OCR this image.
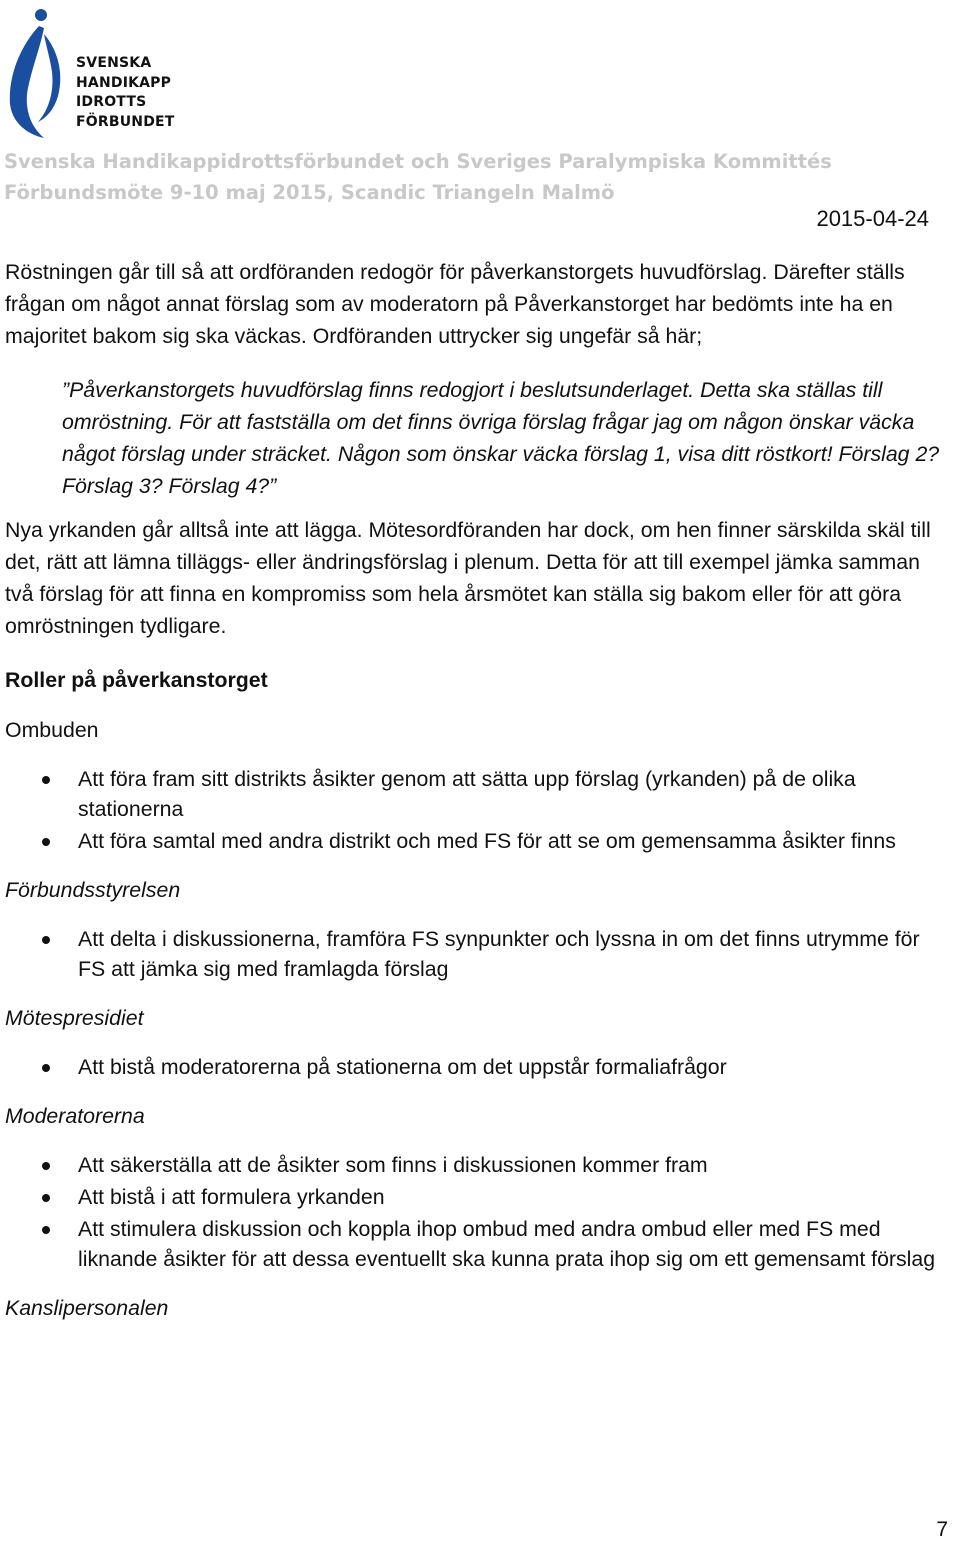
SVENSKA
HANDIKAPP
IDROTTS
FÖRBUNDET
Svenska Handikappidrottsförbundet och Sveriges Paralympiska Kommittés
Förbundsmöte 9-10 maj 2015, Scandic Triangeln Malmö
2015-04-24

Röstningen går till så att ordföranden redogör för påverkanstorgets huvudförslag. Därefter ställs frågan om något annat förslag som av moderatorn på Påverkanstorget har bedömts inte ha en majoritet bakom sig ska väckas. Ordföranden uttrycker sig ungefär så här;

”Påverkanstorgets huvudförslag finns redogjort i beslutsunderlaget. Detta ska ställas till omröstning. För att fastställa om det finns övriga förslag frågar jag om någon önskar väcka något förslag under sträcket. Någon som önskar väcka förslag 1, visa ditt röstkort! Förslag 2? Förslag 3? Förslag 4?”

Nya yrkanden går alltså inte att lägga. Mötesordföranden har dock, om hen finner särskilda skäl till det, rätt att lämna tilläggs- eller ändringsförslag i plenum. Detta för att till exempel jämka samman två förslag för att finna en kompromiss som hela årsmötet kan ställa sig bakom eller för att göra omröstningen tydligare.

Roller på påverkanstorget

Ombuden

Att föra fram sitt distrikts åsikter genom att sätta upp förslag (yrkanden) på de olika stationerna
Att föra samtal med andra distrikt och med FS för att se om gemensamma åsikter finns

Förbundsstyrelsen

Att delta i diskussionerna, framföra FS synpunkter och lyssna in om det finns utrymme för FS att jämka sig med framlagda förslag

Mötespresidiet

Att bistå moderatorerna på stationerna om det uppstår formaliafrågor

Moderatorerna

Att säkerställa att de åsikter som finns i diskussionen kommer fram
Att bistå i att formulera yrkanden
Att stimulera diskussion och koppla ihop ombud med andra ombud eller med FS med liknande åsikter för att dessa eventuellt ska kunna prata ihop sig om ett gemensamt förslag

Kanslipersonalen

7
